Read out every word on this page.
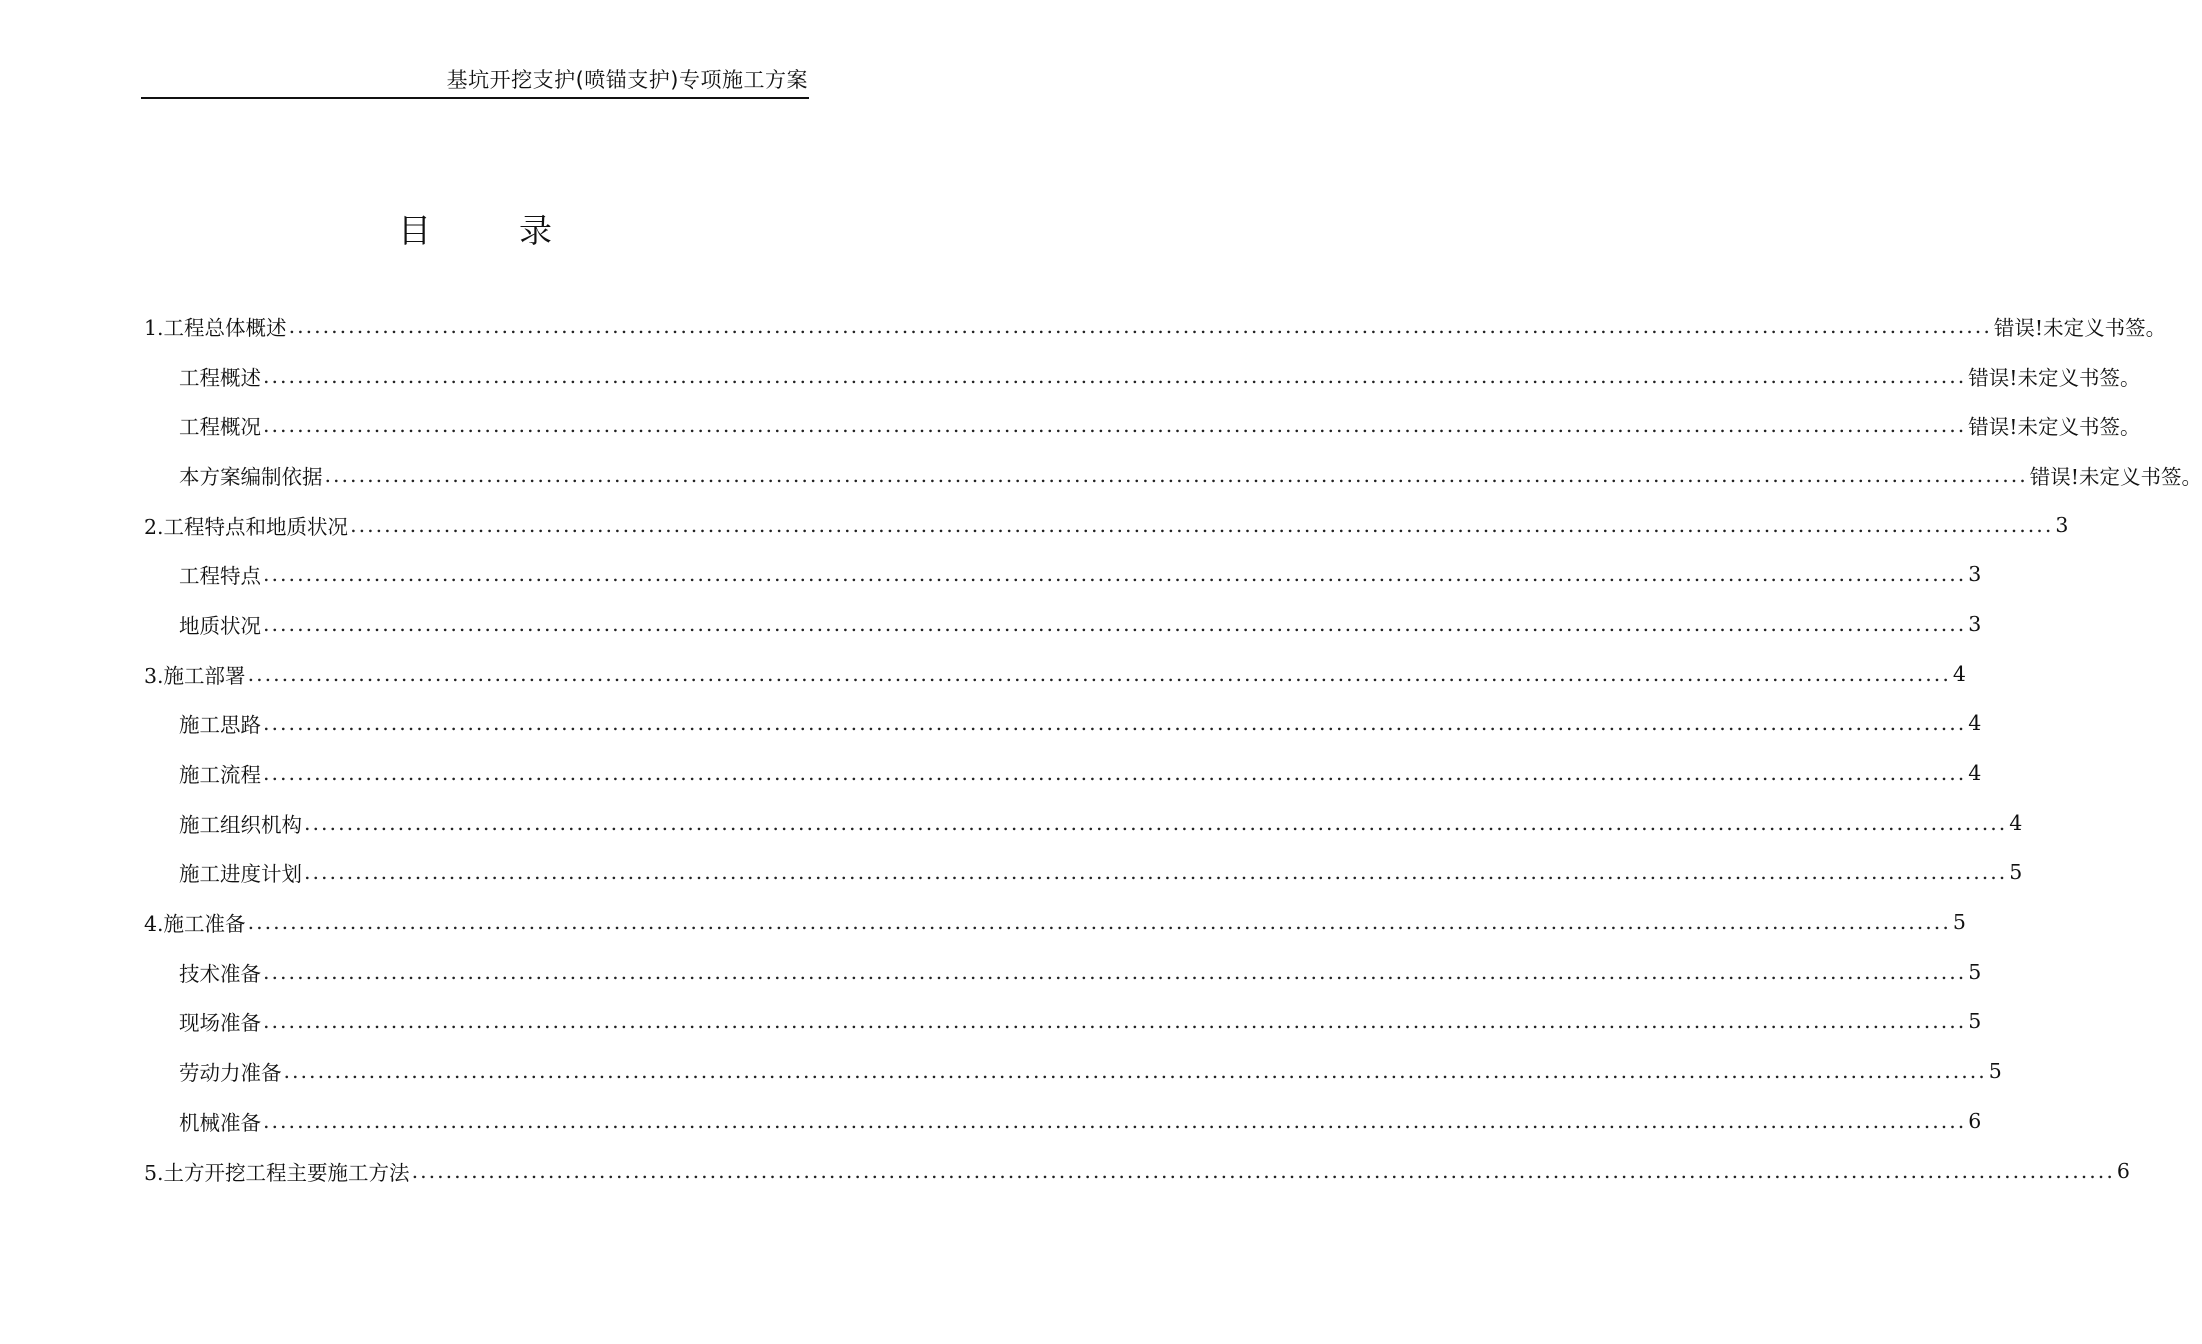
基坑开挖支护(喷锚支护)专项施工方案
目	录
1.工程总体概述 ........................................................................................................................................................................................................ 错误!未定义书签。
工程概述 ........................................................................................................................................................................................................ 错误!未定义书签。
工程概况 ........................................................................................................................................................................................................ 错误!未定义书签。
本方案编制依据 ........................................................................................................................................................................................................ 错误!未定义书签。
2.工程特点和地质状况 ........................................................................................................................................................................................................ 3
工程特点 ........................................................................................................................................................................................................ 3
地质状况 ........................................................................................................................................................................................................ 3
3.施工部署 ........................................................................................................................................................................................................ 4
施工思路 ........................................................................................................................................................................................................ 4
施工流程 ........................................................................................................................................................................................................ 4
施工组织机构 ........................................................................................................................................................................................................ 4
施工进度计划 ........................................................................................................................................................................................................ 5
4.施工准备 ........................................................................................................................................................................................................ 5
技术准备 ........................................................................................................................................................................................................ 5
现场准备 ........................................................................................................................................................................................................ 5
劳动力准备 ........................................................................................................................................................................................................ 5
机械准备 ........................................................................................................................................................................................................ 6
5.土方开挖工程主要施工方法 ........................................................................................................................................................................................................ 6
